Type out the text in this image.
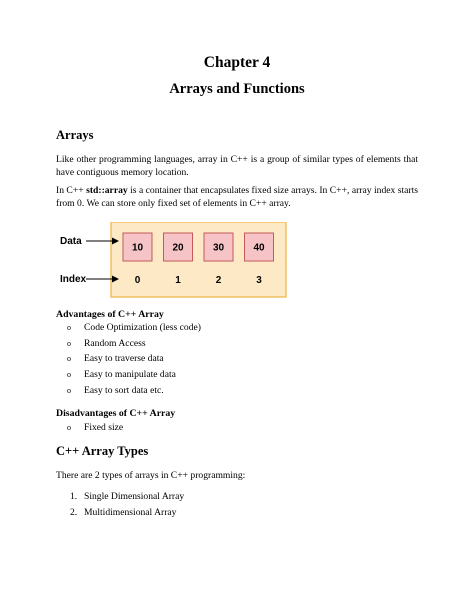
Chapter 4
Arrays and Functions
Arrays
Like other programming languages, array in C++ is a group of similar types of elements that have contiguous memory location.
In C++ std::array is a container that encapsulates fixed size arrays. In C++, array index starts from 0. We can store only fixed set of elements in C++ array.
Data
Index
10	20	30	40
0	1	2	3
Advantages of C++ Array
o	Code Optimization (less code)
o	Random Access
o	Easy to traverse data
o	Easy to manipulate data
o	Easy to sort data etc.
Disadvantages of C++ Array
o	Fixed size
C++ Array Types
There are 2 types of arrays in C++ programming:
1. Single Dimensional Array
2. Multidimensional Array
